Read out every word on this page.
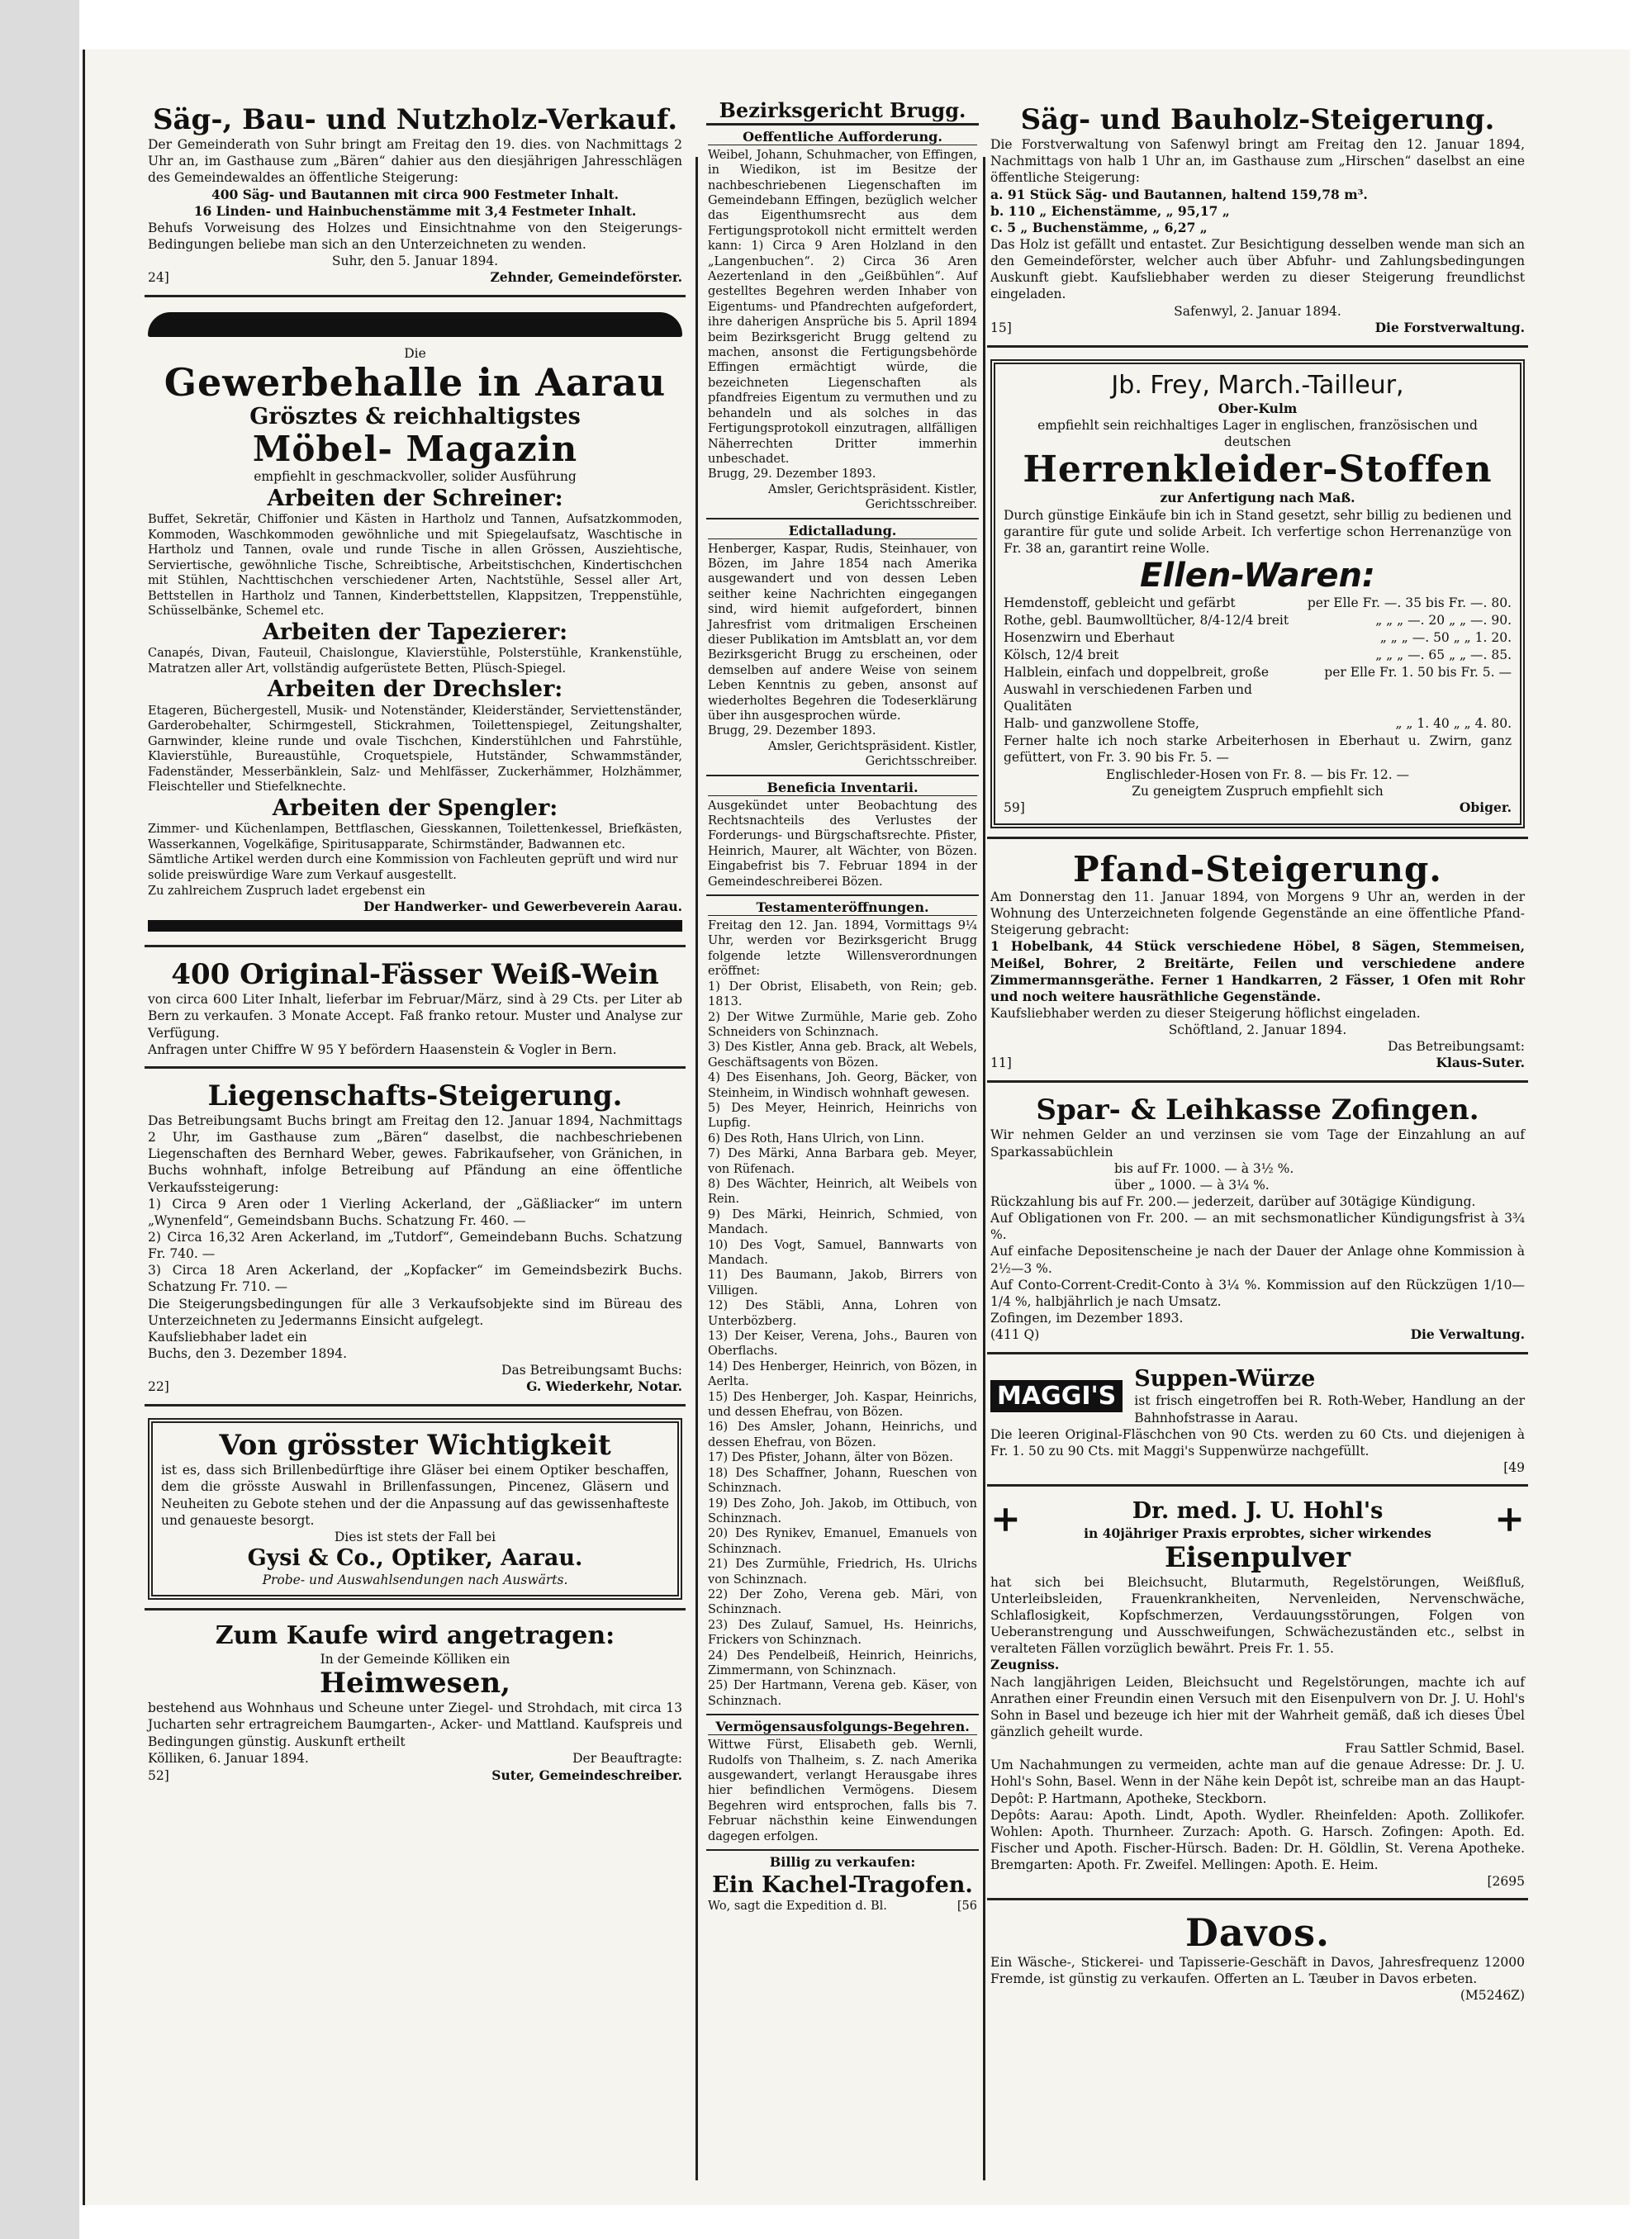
Säg-, Bau- und Nutzholz-Verkauf.
Der Gemeinderath von Suhr bringt am Freitag den 19. dies. von Nachmittags 2 Uhr an, im Gasthause zum „Bären“ dahier aus den diesjährigen Jahresschlägen des Gemeindewaldes an öffentliche Steigerung:
400 Säg- und Bautannen mit circa 900 Festmeter Inhalt.
16 Linden- und Hainbuchenstämme mit 3,4 Festmeter Inhalt.
Behufs Vorweisung des Holzes und Einsichtnahme von den Steigerungs-Bedingungen beliebe man sich an den Unterzeichneten zu wenden.
Suhr, den 5. Januar 1894.
24]	Zehnder, Gemeindeförster.
Die
Gewerbehalle in Aarau
Grösztes & reichhaltigstes
Möbel- Magazin
empfiehlt in geschmackvoller, solider Ausführung
Arbeiten der Schreiner:
Buffet, Sekretär, Chiffonier und Kästen in Hartholz und Tannen, Aufsatzkommoden, Kommoden, Waschkommoden gewöhnliche und mit Spiegelaufsatz, Waschtische in Hartholz und Tannen, ovale und runde Tische in allen Grössen, Ausziehtische, Serviertische, gewöhnliche Tische, Schreibtische, Arbeitstischchen, Kindertischchen mit Stühlen, Nachttischchen verschiedener Arten, Nachtstühle, Sessel aller Art, Bettstellen in Hartholz und Tannen, Kinderbettstellen, Klappsitzen, Treppenstühle, Schüsselbänke, Schemel etc.
Arbeiten der Tapezierer:
Canapés, Divan, Fauteuil, Chaislongue, Klavierstühle, Polsterstühle, Krankenstühle, Matratzen aller Art, vollständig aufgerüstete Betten, Plüsch-Spiegel.
Arbeiten der Drechsler:
Etageren, Büchergestell, Musik- und Notenständer, Kleiderständer, Serviettenständer, Garderobehalter, Schirmgestell, Stickrahmen, Toilettenspiegel, Zeitungshalter, Garnwinder, kleine runde und ovale Tischchen, Kinderstühlchen und Fahrstühle, Klavierstühle, Bureaustühle, Croquetspiele, Hutständer, Schwammständer, Fadenständer, Messerbänklein, Salz- und Mehlfässer, Zuckerhämmer, Holzhämmer, Fleischteller und Stiefelknechte.
Arbeiten der Spengler:
Zimmer- und Küchenlampen, Bettflaschen, Giesskannen, Toilettenkessel, Briefkästen, Wasserkannen, Vogelkäfige, Spiritusapparate, Schirmständer, Badwannen etc.
Sämtliche Artikel werden durch eine Kommission von Fachleuten geprüft und wird nur solide preiswürdige Ware zum Verkauf ausgestellt.
Zu zahlreichem Zuspruch ladet ergebenst ein
Der Handwerker- und Gewerbeverein Aarau.
400 Original-Fässer Weiß-Wein
von circa 600 Liter Inhalt, lieferbar im Februar/März, sind à 29 Cts. per Liter ab Bern zu verkaufen. 3 Monate Accept. Faß franko retour. Muster und Analyse zur Verfügung.
Anfragen unter Chiffre W 95 Y befördern Haasenstein & Vogler in Bern.
Liegenschafts-Steigerung.
Das Betreibungsamt Buchs bringt am Freitag den 12. Januar 1894, Nachmittags 2 Uhr, im Gasthause zum „Bären“ daselbst, die nachbeschriebenen Liegenschaften des Bernhard Weber, gewes. Fabrikaufseher, von Gränichen, in Buchs wohnhaft, infolge Betreibung auf Pfändung an eine öffentliche Verkaufssteigerung:
1) Circa 9 Aren oder 1 Vierling Ackerland, der „Gäßliacker“ im untern „Wynenfeld“, Gemeindsbann Buchs. Schatzung Fr. 460. —
2) Circa 16,32 Aren Ackerland, im „Tutdorf“, Gemeindebann Buchs. Schatzung Fr. 740. —
3) Circa 18 Aren Ackerland, der „Kopfacker“ im Gemeindsbezirk Buchs. Schatzung Fr. 710. —
Die Steigerungsbedingungen für alle 3 Verkaufsobjekte sind im Büreau des Unterzeichneten zu Jedermanns Einsicht aufgelegt.
Kaufsliebhaber ladet ein
Buchs, den 3. Dezember 1894.
Das Betreibungsamt Buchs:
22]	G. Wiederkehr, Notar.
Von grösster Wichtigkeit
ist es, dass sich Brillenbedürftige ihre Gläser bei einem Optiker beschaffen, dem die grösste Auswahl in Brillenfassungen, Pincenez, Gläsern und Neuheiten zu Gebote stehen und der die Anpassung auf das gewissenhafteste und genaueste besorgt.
Dies ist stets der Fall bei
Gysi & Co., Optiker, Aarau.
Probe- und Auswahlsendungen nach Auswärts.
Zum Kaufe wird angetragen:
In der Gemeinde Kölliken ein
Heimwesen,
bestehend aus Wohnhaus und Scheune unter Ziegel- und Strohdach, mit circa 13 Jucharten sehr ertragreichem Baumgarten-, Acker- und Mattland. Kaufspreis und Bedingungen günstig. Auskunft ertheilt
Kölliken, 6. Januar 1894.	Der Beauftragte:
52]	Suter, Gemeindeschreiber.
Bezirksgericht Brugg.
Oeffentliche Aufforderung.
Weibel, Johann, Schuhmacher, von Effingen, in Wiedikon, ist im Besitze der nachbeschriebenen Liegenschaften im Gemeindebann Effingen, bezüglich welcher das Eigenthumsrecht aus dem Fertigungsprotokoll nicht ermittelt werden kann: 1) Circa 9 Aren Holzland in den „Langenbuchen“. 2) Circa 36 Aren Aezertenland in den „Geißbühlen“. Auf gestelltes Begehren werden Inhaber von Eigentums- und Pfandrechten aufgefordert, ihre daherigen Ansprüche bis 5. April 1894 beim Bezirksgericht Brugg geltend zu machen, ansonst die Fertigungsbehörde Effingen ermächtigt würde, die bezeichneten Liegenschaften als pfandfreies Eigentum zu vermuthen und zu behandeln und als solches in das Fertigungsprotokoll einzutragen, allfälligen Näherrechten Dritter immerhin unbeschadet.
Brugg, 29. Dezember 1893.
Amsler, Gerichtspräsident. Kistler, Gerichtsschreiber.
Edictalladung.
Henberger, Kaspar, Rudis, Steinhauer, von Bözen, im Jahre 1854 nach Amerika ausgewandert und von dessen Leben seither keine Nachrichten eingegangen sind, wird hiemit aufgefordert, binnen Jahresfrist vom dritmaligen Erscheinen dieser Publikation im Amtsblatt an, vor dem Bezirksgericht Brugg zu erscheinen, oder demselben auf andere Weise von seinem Leben Kenntnis zu geben, ansonst auf wiederholtes Begehren die Todeserklärung über ihn ausgesprochen würde.
Brugg, 29. Dezember 1893.
Amsler, Gerichtspräsident. Kistler, Gerichtsschreiber.
Beneficia Inventarii.
Ausgekündet unter Beobachtung des Rechtsnachteils des Verlustes der Forderungs- und Bürgschaftsrechte. Pfister, Heinrich, Maurer, alt Wächter, von Bözen. Eingabefrist bis 7. Februar 1894 in der Gemeindeschreiberei Bözen.
Testamenteröffnungen.
Freitag den 12. Jan. 1894, Vormittags 9¼ Uhr, werden vor Bezirksgericht Brugg folgende letzte Willensverordnungen eröffnet:
1) Der Obrist, Elisabeth, von Rein; geb. 1813.
2) Der Witwe Zurmühle, Marie geb. Zoho Schneiders von Schinznach.
3) Des Kistler, Anna geb. Brack, alt Webels, Geschäftsagents von Bözen.
4) Des Eisenhans, Joh. Georg, Bäcker, von Steinheim, in Windisch wohnhaft gewesen.
5) Des Meyer, Heinrich, Heinrichs von Lupfig.
6) Des Roth, Hans Ulrich, von Linn.
7) Des Märki, Anna Barbara geb. Meyer, von Rüfenach.
8) Des Wächter, Heinrich, alt Weibels von Rein.
9) Des Märki, Heinrich, Schmied, von Mandach.
10) Des Vogt, Samuel, Bannwarts von Mandach.
11) Des Baumann, Jakob, Birrers von Villigen.
12) Des Stäbli, Anna, Lohren von Unterbözberg.
13) Der Keiser, Verena, Johs., Bauren von Oberflachs.
14) Des Henberger, Heinrich, von Bözen, in Aerlta.
15) Des Henberger, Joh. Kaspar, Heinrichs, und dessen Ehefrau, von Bözen.
16) Des Amsler, Johann, Heinrichs, und dessen Ehefrau, von Bözen.
17) Des Pfister, Johann, älter von Bözen.
18) Des Schaffner, Johann, Rueschen von Schinznach.
19) Des Zoho, Joh. Jakob, im Ottibuch, von Schinznach.
20) Des Rynikev, Emanuel, Emanuels von Schinznach.
21) Des Zurmühle, Friedrich, Hs. Ulrichs von Schinznach.
22) Der Zoho, Verena geb. Märi, von Schinznach.
23) Des Zulauf, Samuel, Hs. Heinrichs, Frickers von Schinznach.
24) Des Pendelbeiß, Heinrich, Heinrichs, Zimmermann, von Schinznach.
25) Der Hartmann, Verena geb. Käser, von Schinznach.
Vermögensausfolgungs-Begehren.
Wittwe Fürst, Elisabeth geb. Wernli, Rudolfs von Thalheim, s. Z. nach Amerika ausgewandert, verlangt Herausgabe ihres hier befindlichen Vermögens. Diesem Begehren wird entsprochen, falls bis 7. Februar nächsthin keine Einwendungen dagegen erfolgen.
Billig zu verkaufen:
Ein Kachel-Tragofen.
Wo, sagt die Expedition d. Bl.	[56
Säg- und Bauholz-Steigerung.
Die Forstverwaltung von Safenwyl bringt am Freitag den 12. Januar 1894, Nachmittags von halb 1 Uhr an, im Gasthause zum „Hirschen“ daselbst an eine öffentliche Steigerung:
a. 91 Stück Säg- und Bautannen, haltend 159,78 m³.
b. 110 „ Eichenstämme, „ 95,17 „
c. 5 „ Buchenstämme, „ 6,27 „
Das Holz ist gefällt und entastet. Zur Besichtigung desselben wende man sich an den Gemeindeförster, welcher auch über Abfuhr- und Zahlungsbedingungen Auskunft giebt. Kaufsliebhaber werden zu dieser Steigerung freundlichst eingeladen.
Safenwyl, 2. Januar 1894.
15]	Die Forstverwaltung.
Jb. Frey, March.-Tailleur,
Ober-Kulm
empfiehlt sein reichhaltiges Lager in englischen, französischen und deutschen
Herrenkleider-Stoffen
zur Anfertigung nach Maß.
Durch günstige Einkäufe bin ich in Stand gesetzt, sehr billig zu bedienen und garantire für gute und solide Arbeit. Ich verfertige schon Herrenanzüge von Fr. 38 an, garantirt reine Wolle.
Ellen-Waren:
Hemdenstoff, gebleicht und gefärbt	per Elle Fr. —. 35 bis Fr. —. 80.
Rothe, gebl. Baumwolltücher, 8/4-12/4 breit	„ „ „ —. 20 „ „ —. 90.
Hosenzwirn und Eberhaut	„ „ „ —. 50 „ „ 1. 20.
Kölsch, 12/4 breit	„ „ „ —. 65 „ „ —. 85.
Halblein, einfach und doppelbreit, große Auswahl in verschiedenen Farben und Qualitäten
per Elle Fr. 1. 50 bis Fr. 5. —
Halb- und ganzwollene Stoffe,	„ „ 1. 40 „ „ 4. 80.
Ferner halte ich noch starke Arbeiterhosen in Eberhaut u. Zwirn, ganz gefüttert, von Fr. 3. 90 bis Fr. 5. —
Englischleder-Hosen von Fr. 8. — bis Fr. 12. —
Zu geneigtem Zuspruch empfiehlt sich
59]	Obiger.
Pfand-Steigerung.
Am Donnerstag den 11. Januar 1894, von Morgens 9 Uhr an, werden in der Wohnung des Unterzeichneten folgende Gegenstände an eine öffentliche Pfand-Steigerung gebracht:
1 Hobelbank, 44 Stück verschiedene Höbel, 8 Sägen, Stemmeisen, Meißel, Bohrer, 2 Breitärte, Feilen und verschiedene andere Zimmermannsgeräthe. Ferner 1 Handkarren, 2 Fässer, 1 Ofen mit Rohr und noch weitere hausräthliche Gegenstände.
Kaufsliebhaber werden zu dieser Steigerung höflichst eingeladen.
Schöftland, 2. Januar 1894.
Das Betreibungsamt:
11]	Klaus-Suter.
Spar- & Leihkasse Zofingen.
Wir nehmen Gelder an und verzinsen sie vom Tage der Einzahlung an auf Sparkassabüchlein
bis auf Fr. 1000. — à 3½ %.
über „ 1000. — à 3¼ %.
Rückzahlung bis auf Fr. 200.— jederzeit, darüber auf 30tägige Kündigung.
Auf Obligationen von Fr. 200. — an mit sechsmonatlicher Kündigungsfrist à 3¾ %.
Auf einfache Depositenscheine je nach der Dauer der Anlage ohne Kommission à 2½—3 %.
Auf Conto-Corrent-Credit-Conto à 3¼ %. Kommission auf den Rückzügen 1/10—1/4 %, halbjährlich je nach Umsatz.
Zofingen, im Dezember 1893.
(411 Q)	Die Verwaltung.
MAGGI'S
Suppen-Würze
ist frisch eingetroffen bei R. Roth-Weber, Handlung an der Bahnhofstrasse in Aarau.
Die leeren Original-Fläschchen von 90 Cts. werden zu 60 Cts. und diejenigen à Fr. 1. 50 zu 90 Cts. mit Maggi's Suppenwürze nachgefüllt.
[49
+	Dr. med. J. U. Hohl's
in 40jähriger Praxis erprobtes, sicher wirkendes	+
Eisenpulver
hat sich bei Bleichsucht, Blutarmuth, Regelstörungen, Weißfluß, Unterleibsleiden, Frauenkrankheiten, Nervenleiden, Nervenschwäche, Schlaflosigkeit, Kopfschmerzen, Verdauungsstörungen, Folgen von Ueberanstrengung und Ausschweifungen, Schwächezuständen etc., selbst in veralteten Fällen vorzüglich bewährt. Preis Fr. 1. 55.
Zeugniss.
Nach langjährigen Leiden, Bleichsucht und Regelstörungen, machte ich auf Anrathen einer Freundin einen Versuch mit den Eisenpulvern von Dr. J. U. Hohl's Sohn in Basel und bezeuge ich hier mit der Wahrheit gemäß, daß ich dieses Übel gänzlich geheilt wurde.
Frau Sattler Schmid, Basel.
Um Nachahmungen zu vermeiden, achte man auf die genaue Adresse: Dr. J. U. Hohl's Sohn, Basel. Wenn in der Nähe kein Depôt ist, schreibe man an das Haupt-Depôt: P. Hartmann, Apotheke, Steckborn.
Depôts: Aarau: Apoth. Lindt, Apoth. Wydler. Rheinfelden: Apoth. Zollikofer. Wohlen: Apoth. Thurnheer. Zurzach: Apoth. G. Harsch. Zofingen: Apoth. Ed. Fischer und Apoth. Fischer-Hürsch. Baden: Dr. H. Göldlin, St. Verena Apotheke. Bremgarten: Apoth. Fr. Zweifel. Mellingen: Apoth. E. Heim.
[2695
Davos.
Ein Wäsche-, Stickerei- und Tapisserie-Geschäft in Davos, Jahresfrequenz 12000 Fremde, ist günstig zu verkaufen. Offerten an L. Tæuber in Davos erbeten.
(M5246Z)
